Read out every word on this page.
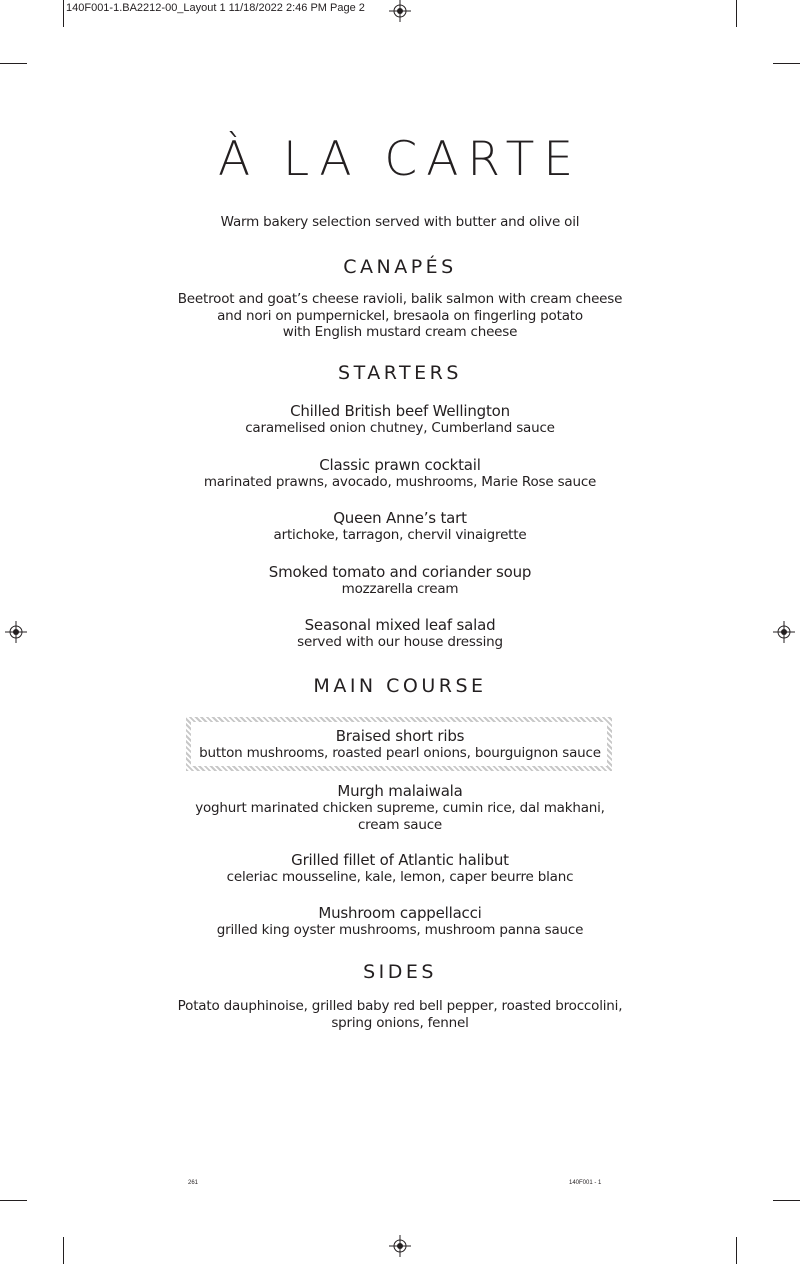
140F001-1.BA2212-00_Layout 1 11/18/2022 2:46 PM Page 2
À LA CARTE
Warm bakery selection served with butter and olive oil
CANAPÉS
Beetroot and goat’s cheese ravioli, balik salmon with cream cheese
and nori on pumpernickel, bresaola on fingerling potato
with English mustard cream cheese
STARTERS
Chilled British beef Wellington
caramelised onion chutney, Cumberland sauce
Classic prawn cocktail
marinated prawns, avocado, mushrooms, Marie Rose sauce
Queen Anne’s tart
artichoke, tarragon, chervil vinaigrette
Smoked tomato and coriander soup
mozzarella cream
Seasonal mixed leaf salad
served with our house dressing
MAIN COURSE
Braised short ribs
button mushrooms, roasted pearl onions, bourguignon sauce
Murgh malaiwala
yoghurt marinated chicken supreme, cumin rice, dal makhani,
cream sauce
Grilled fillet of Atlantic halibut
celeriac mousseline, kale, lemon, caper beurre blanc
Mushroom cappellacci
grilled king oyster mushrooms, mushroom panna sauce
SIDES
Potato dauphinoise, grilled baby red bell pepper, roasted broccolini,
spring onions, fennel
261	140F001 - 1
